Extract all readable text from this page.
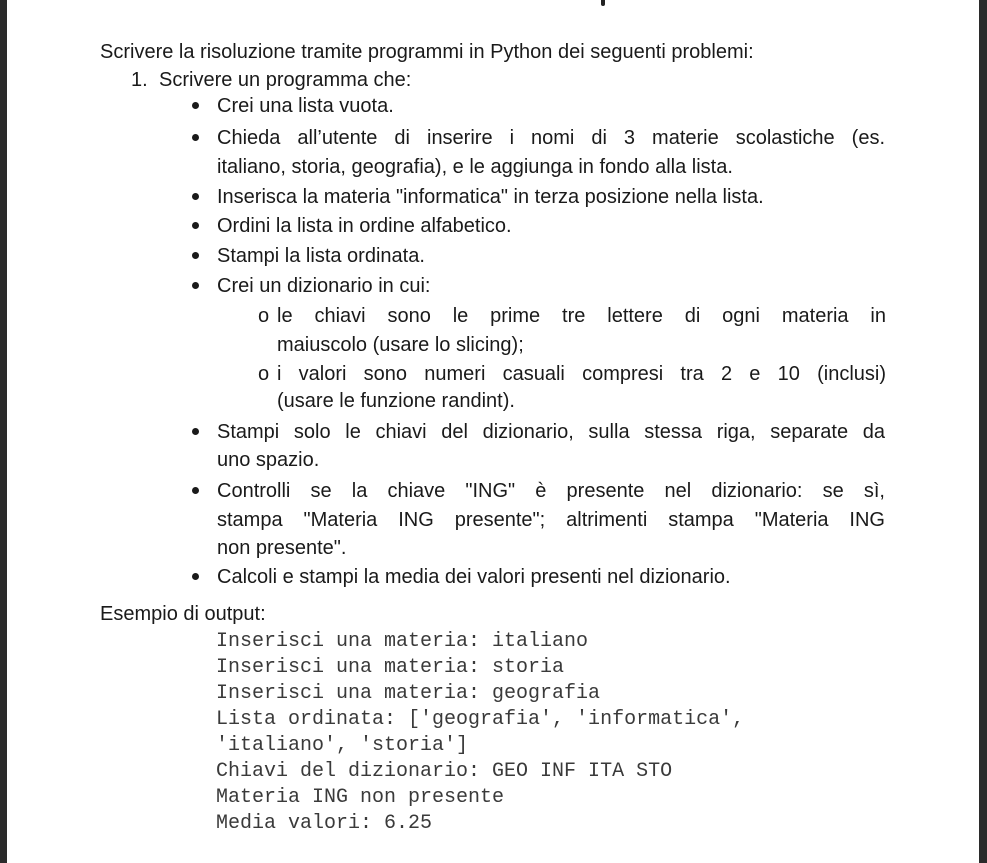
Scrivere la risoluzione tramite programmi in Python dei seguenti problemi:
1. Scrivere un programma che:
Crei una lista vuota.
Chieda all’utente di inserire i nomi di 3 materie scolastiche (es.
italiano, storia, geografia), e le aggiunga in fondo alla lista.
Inserisca la materia "informatica" in terza posizione nella lista.
Ordini la lista in ordine alfabetico.
Stampi la lista ordinata.
Crei un dizionario in cui:
o le chiavi sono le prime tre lettere di ogni materia in
maiuscolo (usare lo slicing);
o i valori sono numeri casuali compresi tra 2 e 10 (inclusi)
(usare le funzione randint).
Stampi solo le chiavi del dizionario, sulla stessa riga, separate da
uno spazio.
Controlli se la chiave "ING" è presente nel dizionario: se sì,
stampa "Materia ING presente"; altrimenti stampa "Materia ING
non presente".
Calcoli e stampi la media dei valori presenti nel dizionario.
Esempio di output:
Inserisci una materia: italiano
Inserisci una materia: storia
Inserisci una materia: geografia
Lista ordinata: ['geografia', 'informatica',
'italiano', 'storia']
Chiavi del dizionario: GEO INF ITA STO
Materia ING non presente
Media valori: 6.25
